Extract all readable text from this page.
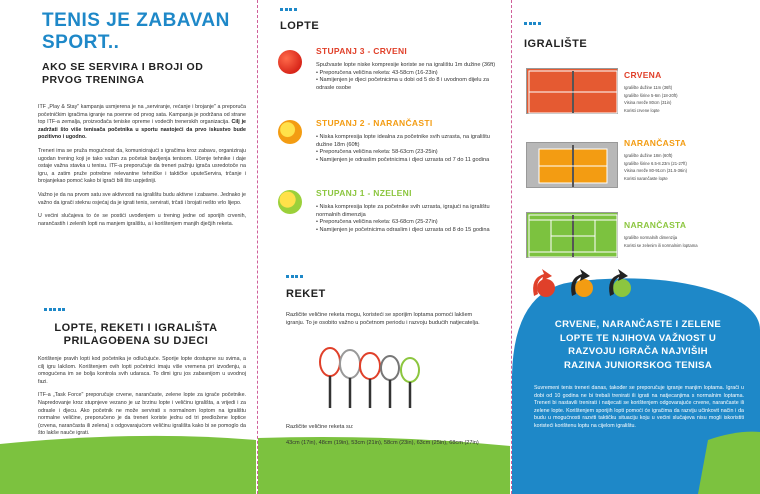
TENIS JE ZABAVAN
SPORT..
AKO SE SERVIRA I BROJI OD
PRVOG TRENINGA

ITF „Play & Stay" kampanja usmjerena je na „serviranje, rećanje i brojanje" a preporuča početničkim igračima igranje na poenne od prvog sata. Kampanja je podržana od strane top ITF-a zemalja, proizvođača teniske opreme i vodećih trenerskih organizacija. Cilj je zadržati što više tenisača početnika u sportu nastojeći da prvo iskustvo bude pozitivno i ugodno.

Treneri ima se pruža mogućnost da, komunicirajući s igračima kroz zabavu, organiziraju ugodan trening koji je tako važan za početak bavljenja tenisom. Učenje tehnike i daje ostaje važna stavka u tenisu. ITF-a preporučuje da treneri pažnju igrača usredotoče na igru, a zatim pruže potrebne relevantne tehničke i taktičke uputeServira, trčanje i brojanjekao pomoć kako bi igrači bili što uspješniji.

Važno je da na prvom satu sve aktivnosti na igralištu budu aktivne i zabavne. Jednako je važno da igrači steknu osjećaj da je igrati tenis, servirati, trčati i brojati nešto vrlo lijepo.

U većini slučajeva to će se postići uvođenjem u trening jedne od sporijih crvenih, narančastih i zelenih lopti na manjem igralištu, a i korištenjem manjih dječjih reketa.

LOPTE, REKETI I IGRALIŠTA
PRILAGOĐENA SU DJECI

Korištenje pravih lopti kod početnika je odlučujuće. Sporije lopte dostupne su svima, a cilj igru lakšom. Korištenjem ovih lopti početnici imaju više vremena pri izvođenju, a omogućena im se bolja kontrola svih udaraca. To dimi igru jos zabavnijom u uvodnoj fazi.

ITF-a „Task Force" preporučuje crvene, narančaste, zelene lopte za igrače početnike. Napredovanje kroz stupnjeve vezano je uz brzinu lopte i veličinu igrališta, a vrijedi i za odrasle i djecu. Ako početnik ne može servirati s normalnom loptom na igralištu normalne veličine, preporučeno je da treneri koriste jednu od tri predložene loptice (crvena, narančasta ili zelena) s odgovarajućom veličinu igrališta kako bi se pomoglo da što lakše nauče igrati.

LOPTE
STUPANJ 3 - CRVENI
Spužvaste lopte niske kompresije koriste se na igralištu 1m dužine (36ft)
• Preporučena veličina reketa: 43-58cm (16-23in)
• Namijenjen je djeci početnicima u dobi od 5 do 8 i uvodnom dijelu za odrasle osobe
STUPANJ 2 - NARANČASTI
• Niska kompresija lopte idealna za početnike svih uzrasta, na igralištu dužine 18m (60ft)
• Preporučena veličina reketa: 58-63cm (23-25in)
• Namijenjen je odraslim početnicima i djeci uzrasta od 7 do 11 godina
STUPANJ 1 - NZELENI
• Niska kompresija lopte za početnike svih uzrasta, igrajući na igralištu normalnih dimenzija
• Preporučena veličina reketa: 63-68cm (25-27in)
• Namijenjen je početnicima odraslim i djeci uzrasta od 8 do 15 godina
REKET
Različite veličine reketa mogu, koristeći se sporijim loptama pomoći lakšem igranju. To je osobito važno u početnom periodu i razvoju budućih natjecatelja.
Različite veličine reketa su:
43cm (17in), 48cm (19in), 53cm (21in), 58cm (23in), 63cm (25in), 68cm (27in)
IGRALIŠTE
CRVENA
Igralište dužine 11m (36ft)
Igralište širine 5-6m (18-20ft)
Visina mreže 80cm (31in)
Koristi crvene lopte
NARANČASTA
Igralište dužine 18m (60ft)
Igralište širine 6.5-8.23m (21-27ft)
Visina mreže 80-91cm (31.5-36in)
Koristi narančaste lopte
NARANČASTA
Igralište normalnih dimenzija
Koristi se zelenim ili normalnim loptama
CRVENE, NARANČASTE I ZELENE
LOPTE TE NJIHOVA VAŽNOST U
RAZVOJU IGRAČA NAJVIŠIH
RAZINA JUNIORSKOG TENISA
Suvremeni tenis treneri danas, također se preporučuje igranje manjim loptama. Igrači u dobi od 10 godina ne bi trebali trenirati ili igrati na natjecanjima s normalnim loptama. Treneri bi nastavili trenirati i natjecati se korištenjem odgovarajuće crvene, narančaste ili zelene lopte. Korištenjem sporijih lopti pomoći će igračima da razviju učinkovit način i da budu u mogućnosti razviti taktičku situaciju koju u većini slučajeva nisu mogli iskoristiti koristeći korištenu loptu na cijelom igralištu.
